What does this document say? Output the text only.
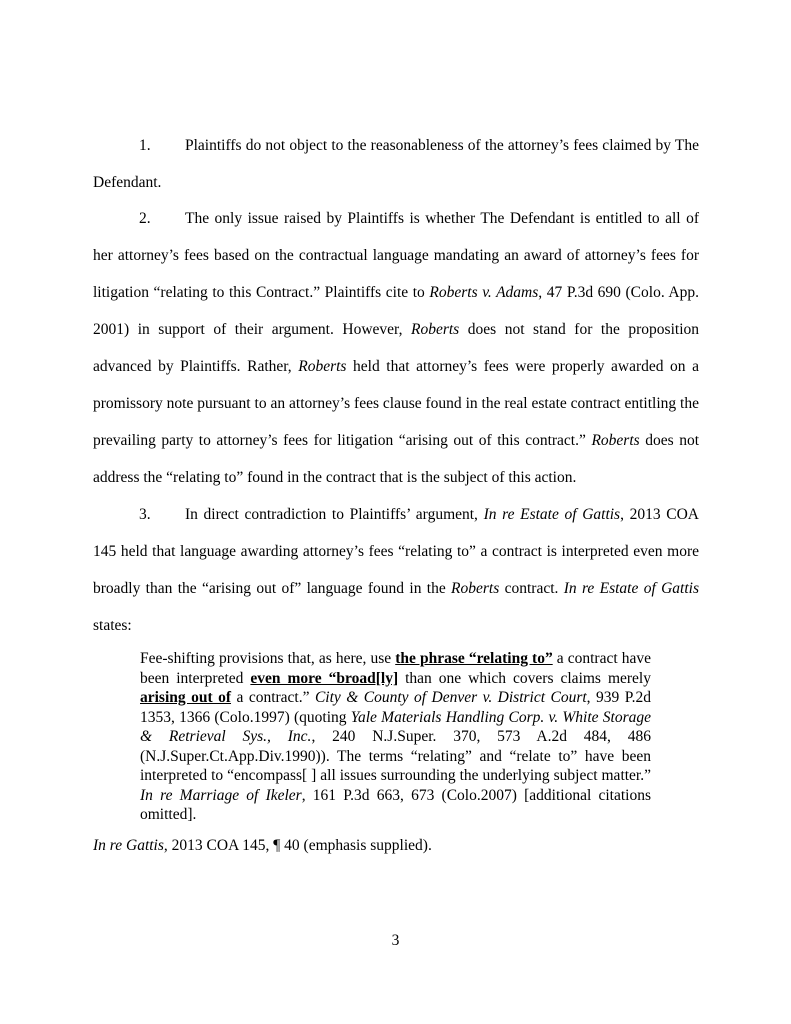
1. Plaintiffs do not object to the reasonableness of the attorney’s fees claimed by The Defendant.

2. The only issue raised by Plaintiffs is whether The Defendant is entitled to all of her attorney’s fees based on the contractual language mandating an award of attorney’s fees for litigation “relating to this Contract.” Plaintiffs cite to Roberts v. Adams, 47 P.3d 690 (Colo. App. 2001) in support of their argument. However, Roberts does not stand for the proposition advanced by Plaintiffs. Rather, Roberts held that attorney’s fees were properly awarded on a promissory note pursuant to an attorney’s fees clause found in the real estate contract entitling the prevailing party to attorney’s fees for litigation “arising out of this contract.” Roberts does not address the “relating to” found in the contract that is the subject of this action.

3. In direct contradiction to Plaintiffs’ argument, In re Estate of Gattis, 2013 COA 145 held that language awarding attorney’s fees “relating to” a contract is interpreted even more broadly than the “arising out of” language found in the Roberts contract. In re Estate of Gattis states:

Fee-shifting provisions that, as here, use the phrase “relating to” a contract have been interpreted even more “broad[ly] than one which covers claims merely arising out of a contract.” City & County of Denver v. District Court, 939 P.2d 1353, 1366 (Colo.1997) (quoting Yale Materials Handling Corp. v. White Storage & Retrieval Sys., Inc., 240 N.J.Super. 370, 573 A.2d 484, 486 (N.J.Super.Ct.App.Div.1990)). The terms “relating” and “relate to” have been interpreted to “encompass[ ] all issues surrounding the underlying subject matter.” In re Marriage of Ikeler, 161 P.3d 663, 673 (Colo.2007) [additional citations omitted].

In re Gattis, 2013 COA 145, ¶ 40 (emphasis supplied).

3
